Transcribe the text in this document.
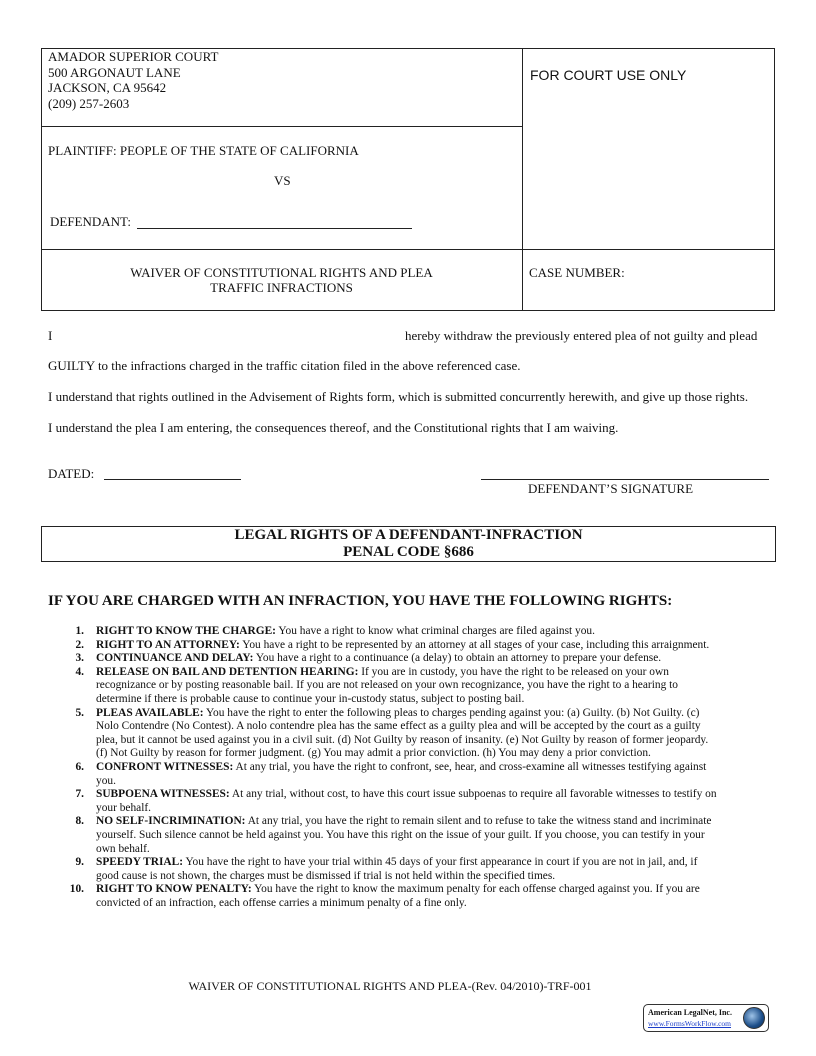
AMADOR SUPERIOR COURT
500 ARGONAUT LANE
JACKSON, CA 95642
(209) 257-2603
FOR COURT USE ONLY
PLAINTIFF: PEOPLE OF THE STATE OF CALIFORNIA
VS
DEFENDANT:
WAIVER OF CONSTITUTIONAL RIGHTS AND PLEA
TRAFFIC INFRACTIONS
CASE NUMBER:
I	hereby withdraw the previously entered plea of not guilty and plead
GUILTY to the infractions charged in the traffic citation filed in the above referenced case.
I understand that rights outlined in the Advisement of Rights form, which is submitted concurrently herewith, and give up those rights.
I understand the plea I am entering, the consequences thereof, and the Constitutional rights that I am waiving.
DATED:
DEFENDANT’S SIGNATURE
LEGAL RIGHTS OF A DEFENDANT-INFRACTION
PENAL CODE §686
IF YOU ARE CHARGED WITH AN INFRACTION, YOU HAVE THE FOLLOWING RIGHTS:
1. RIGHT TO KNOW THE CHARGE: You have a right to know what criminal charges are filed against you.
2. RIGHT TO AN ATTORNEY: You have a right to be represented by an attorney at all stages of your case, including this arraignment.
3. CONTINUANCE AND DELAY: You have a right to a continuance (a delay) to obtain an attorney to prepare your defense.
4. RELEASE ON BAIL AND DETENTION HEARING: If you are in custody, you have the right to be released on your own recognizance or by posting reasonable bail. If you are not released on your own recognizance, you have the right to a hearing to determine if there is probable cause to continue your in-custody status, subject to posting bail.
5. PLEAS AVAILABLE: You have the right to enter the following pleas to charges pending against you: (a) Guilty. (b) Not Guilty. (c) Nolo Contendre (No Contest). A nolo contendre plea has the same effect as a guilty plea and will be accepted by the court as a guilty plea, but it cannot be used against you in a civil suit. (d) Not Guilty by reason of insanity. (e) Not Guilty by reason of former jeopardy. (f) Not Guilty by reason for former judgment. (g) You may admit a prior conviction. (h) You may deny a prior conviction.
6. CONFRONT WITNESSES: At any trial, you have the right to confront, see, hear, and cross-examine all witnesses testifying against you.
7. SUBPOENA WITNESSES: At any trial, without cost, to have this court issue subpoenas to require all favorable witnesses to testify on your behalf.
8. NO SELF-INCRIMINATION: At any trial, you have the right to remain silent and to refuse to take the witness stand and incriminate yourself. Such silence cannot be held against you. You have this right on the issue of your guilt. If you choose, you can testify in your own behalf.
9. SPEEDY TRIAL: You have the right to have your trial within 45 days of your first appearance in court if you are not in jail, and, if good cause is not shown, the charges must be dismissed if trial is not held within the specified times.
10. RIGHT TO KNOW PENALTY: You have the right to know the maximum penalty for each offense charged against you. If you are convicted of an infraction, each offense carries a minimum penalty of a fine only.
WAIVER OF CONSTITUTIONAL RIGHTS AND PLEA-(Rev. 04/2010)-TRF-001
American LegalNet, Inc.
www.FormsWorkFlow.com
